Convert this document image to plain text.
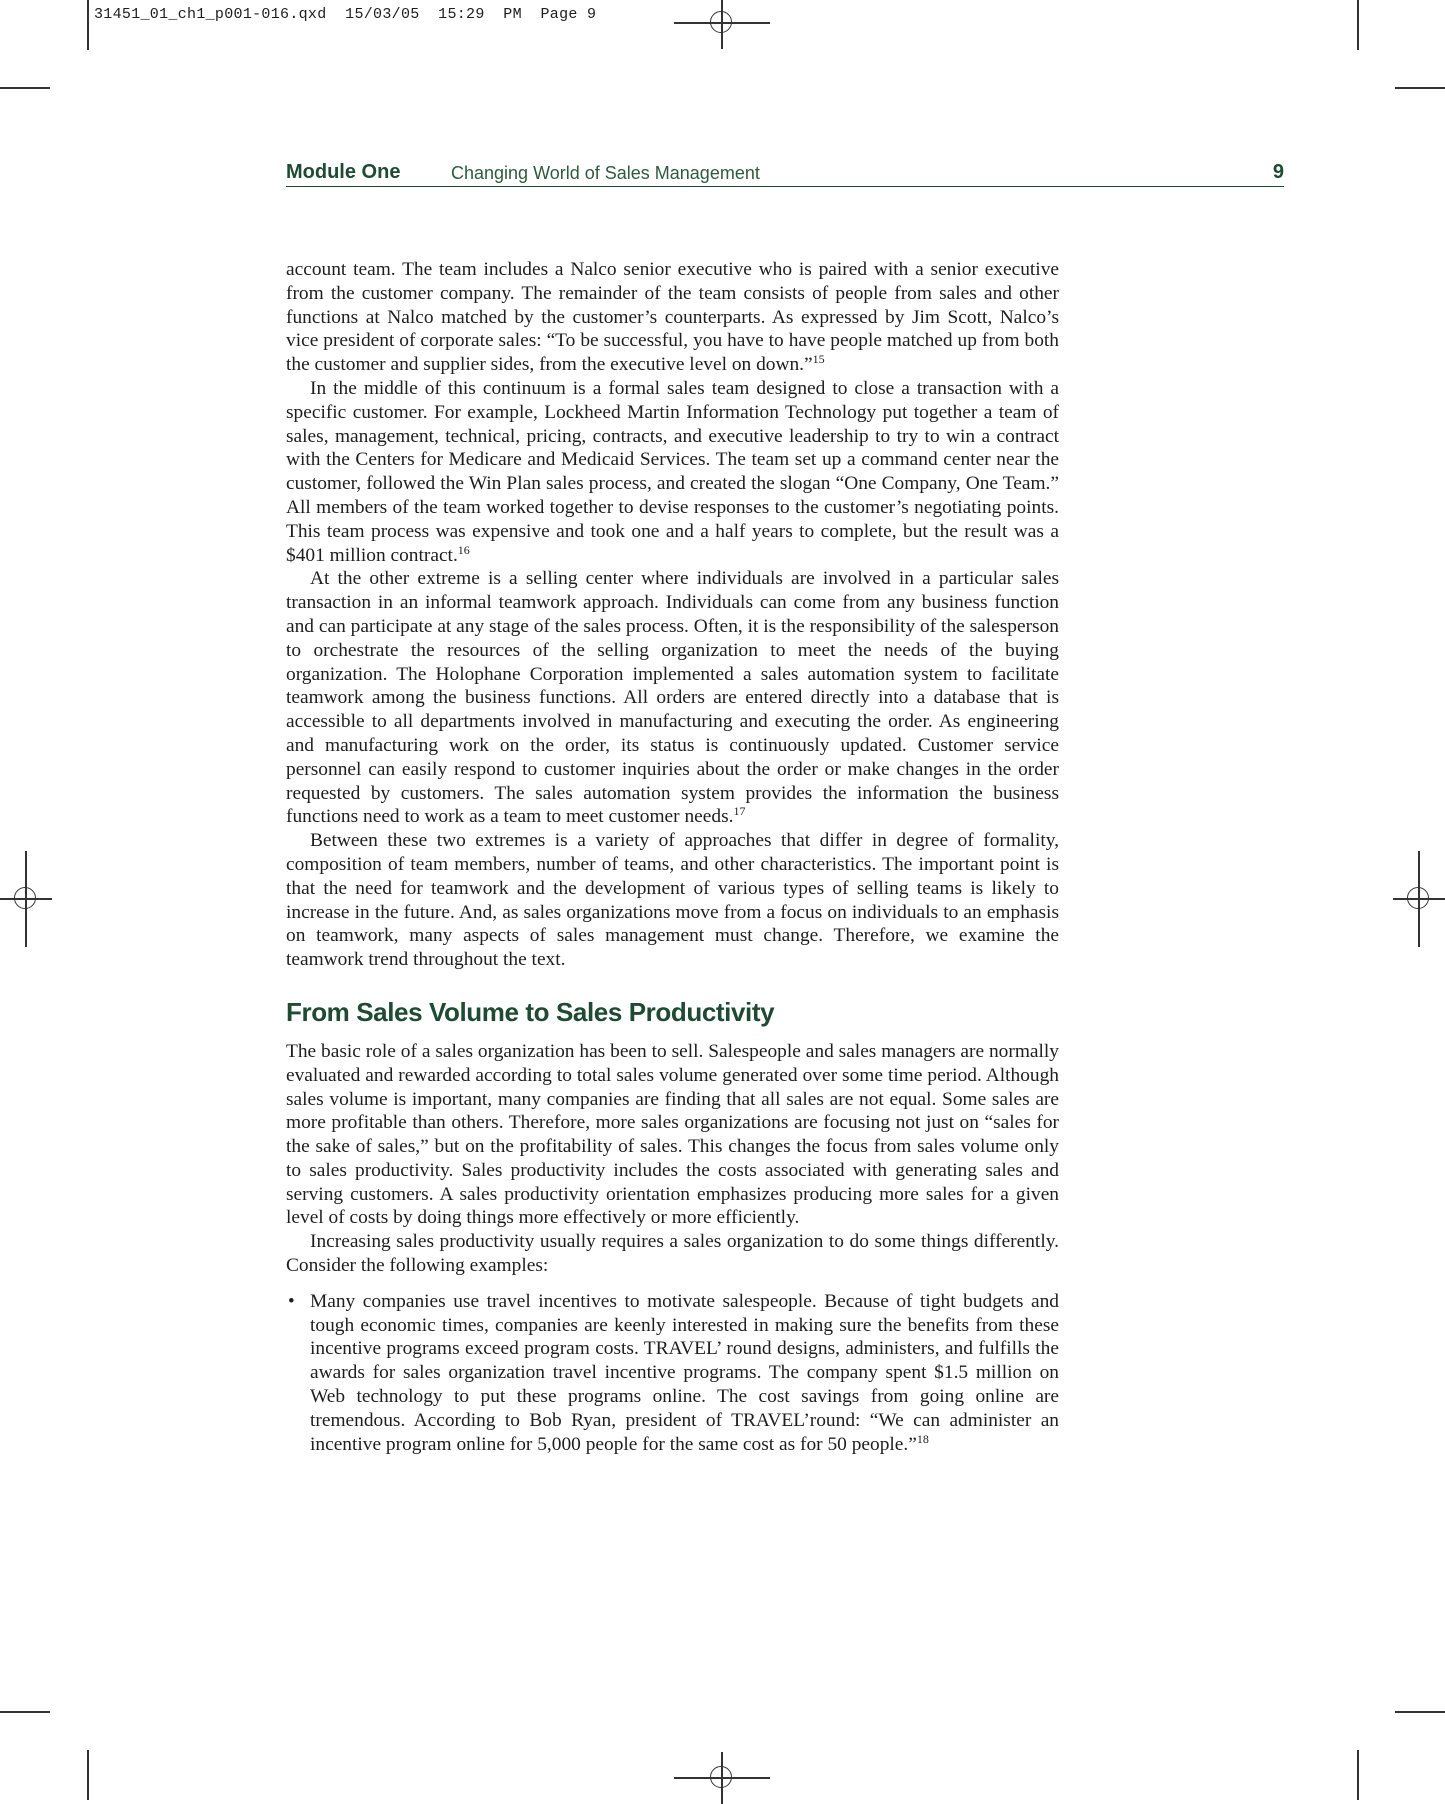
31451_01_ch1_p001-016.qxd  15/03/05  15:29  PM  Page 9
Module One	Changing World of Sales Management	9

account team. The team includes a Nalco senior executive who is paired with a senior executive from the customer company. The remainder of the team consists of people from sales and other functions at Nalco matched by the customer’s counterparts. As expressed by Jim Scott, Nalco’s vice president of corporate sales: “To be successful, you have to have people matched up from both the customer and supplier sides, from the executive level on down.”$^{15}$

In the middle of this continuum is a formal sales team designed to close a transaction with a specific customer. For example, Lockheed Martin Information Technology put together a team of sales, management, technical, pricing, contracts, and executive leadership to try to win a contract with the Centers for Medicare and Medicaid Services. The team set up a command center near the customer, followed the Win Plan sales process, and created the slogan “One Company, One Team.” All members of the team worked together to devise responses to the customer’s negotiating points. This team process was expensive and took one and a half years to complete, but the result was a $401 million contract.$^{16}$

At the other extreme is a selling center where individuals are involved in a particular sales transaction in an informal teamwork approach. Individuals can come from any business function and can participate at any stage of the sales process. Often, it is the responsibility of the salesperson to orchestrate the resources of the selling organization to meet the needs of the buying organization. The Holophane Corporation implemented a sales automation system to facilitate teamwork among the business functions. All orders are entered directly into a database that is accessible to all departments involved in manufacturing and executing the order. As engineering and manufacturing work on the order, its status is continuously updated. Customer service personnel can easily respond to customer inquiries about the order or make changes in the order requested by customers. The sales automation system provides the information the business functions need to work as a team to meet customer needs.$^{17}$

Between these two extremes is a variety of approaches that differ in degree of formality, composition of team members, number of teams, and other characteristics. The important point is that the need for teamwork and the development of various types of selling teams is likely to increase in the future. And, as sales organizations move from a focus on individuals to an emphasis on teamwork, many aspects of sales management must change. Therefore, we examine the teamwork trend throughout the text.

From Sales Volume to Sales Productivity

The basic role of a sales organization has been to sell. Salespeople and sales managers are normally evaluated and rewarded according to total sales volume generated over some time period. Although sales volume is important, many companies are finding that all sales are not equal. Some sales are more profitable than others. Therefore, more sales organizations are focusing not just on “sales for the sake of sales,” but on the profitability of sales. This changes the focus from sales volume only to sales productivity. Sales productivity includes the costs associated with generating sales and serving customers. A sales productivity orientation emphasizes producing more sales for a given level of costs by doing things more effectively or more efficiently.

Increasing sales productivity usually requires a sales organization to do some things differently. Consider the following examples:

• Many companies use travel incentives to motivate salespeople. Because of tight budgets and tough economic times, companies are keenly interested in making sure the benefits from these incentive programs exceed program costs. TRAVEL’ round designs, administers, and fulfills the awards for sales organization travel incentive programs. The company spent $1.5 million on Web technology to put these programs online. The cost savings from going online are tremendous. According to Bob Ryan, president of TRAVEL’round: “We can administer an incentive program online for 5,000 people for the same cost as for 50 people.”$^{18}$
